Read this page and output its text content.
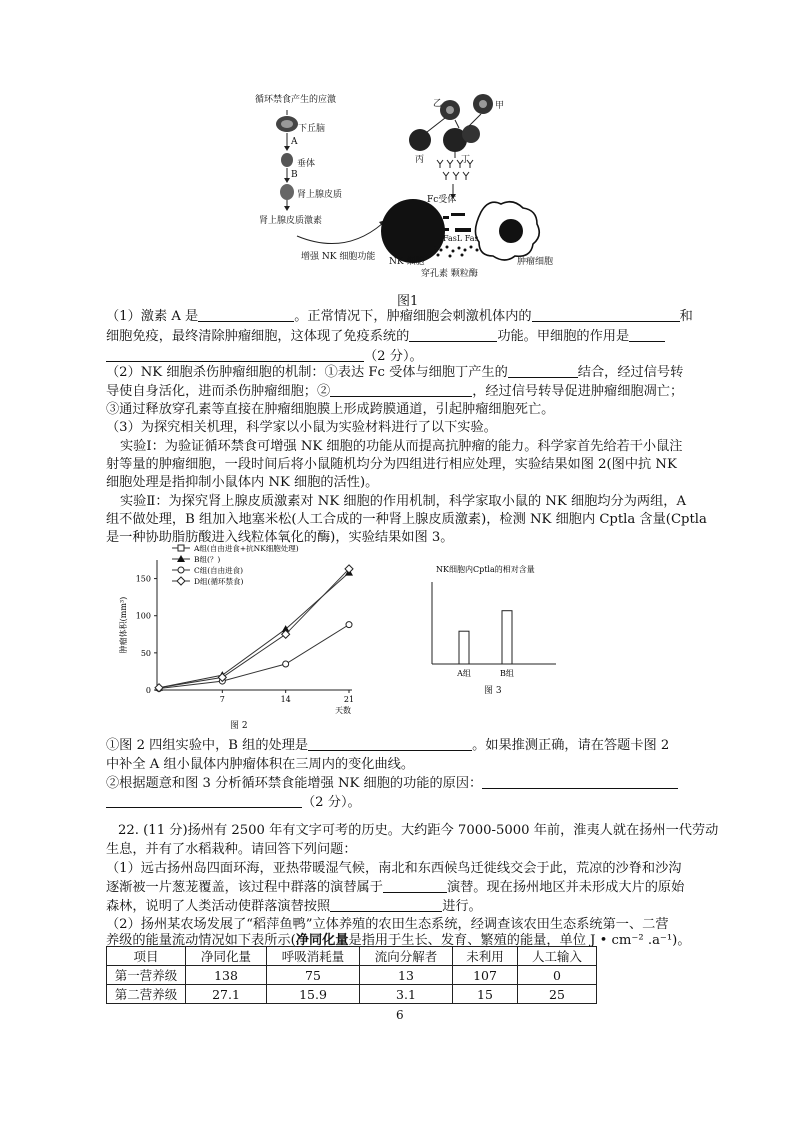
循环禁食产生的应激
下丘脑
A
垂体
B
肾上腺皮质
肾上腺皮质激素
增强 NK 细胞功能
乙	甲
丙	丁
Fc受体
FasL Fas
NK 细胞	肿瘤细胞
穿孔素 颗粒酶
图1
（1）激素 A 是	。正常情况下，肿瘤细胞会刺激机体内的	和
细胞免疫，最终清除肿瘤细胞，这体现了免疫系统的	功能。甲细胞的作用是
（2 分）。
（2）NK 细胞杀伤肿瘤细胞的机制：①表达 Fc 受体与细胞丁产生的	结合，经过信号转
导使自身活化，进而杀伤肿瘤细胞；②	，经过信号转导促进肿瘤细胞凋亡；
③通过释放穿孔素等直接在肿瘤细胞膜上形成跨膜通道，引起肿瘤细胞死亡。
（3）为探究相关机理，科学家以小鼠为实验材料进行了以下实验。
实验Ⅰ：为验证循环禁食可增强 NK 细胞的功能从而提高抗肿瘤的能力。科学家首先给若干小鼠注
射等量的肿瘤细胞，一段时间后将小鼠随机均分为四组进行相应处理，实验结果如图 2(图中抗 NK
细胞处理是指抑制小鼠体内 NK 细胞的活性)。
实验Ⅱ：为探究肾上腺皮质激素对 NK 细胞的作用机制，科学家取小鼠的 NK 细胞均分为两组，A
组不做处理，B 组加入地塞米松(人工合成的一种肾上腺皮质激素)，检测 NK 细胞内 Cptla 含量(Cptla
是一种协助脂肪酸进入线粒体氧化的酶)，实验结果如图 3。
0
50
100
150
7	14	21
天数
肿瘤体积(mm³)
A组(自由进食+抗NK细胞处理)
B组(？)
C组(自由进食)
D组(循环禁食)
图 2
NK细胞内Cptla的相对含量
A组	B组
图 3
①图 2 四组实验中，B 组的处理是	。如果推测正确，请在答题卡图 2
中补全 A 组小鼠体内肿瘤体积在三周内的变化曲线。
②根据题意和图 3 分析循环禁食能增强 NK 细胞的功能的原因：
（2 分）。
22. (11 分)扬州有 2500 年有文字可考的历史。大约距今 7000-5000 年前，淮夷人就在扬州一代劳动
生息，并有了水稻栽种。请回答下列问题：
（1）远古扬州岛四面环海，亚热带暖湿气候，南北和东西候鸟迁徙线交会于此，荒凉的沙脊和沙沟
逐渐被一片葱茏覆盖，该过程中群落的演替属于	演替。现在扬州地区并未形成大片的原始
森林，说明了人类活动使群落演替按照	进行。
（2）扬州某农场发展了“稻萍鱼鸭”立体养殖的农田生态系统，经调查该农田生态系统第一、二营
养级的能量流动情况如下表所示(净同化量是指用于生长、发育、繁殖的能量，单位 J • cm⁻² .a⁻¹)。
项目	净同化量	呼吸消耗量	流向分解者	未利用	人工输入
第一营养级	138	75	13	107	0
第二营养级	27.1	15.9	3.1	15	25
6
